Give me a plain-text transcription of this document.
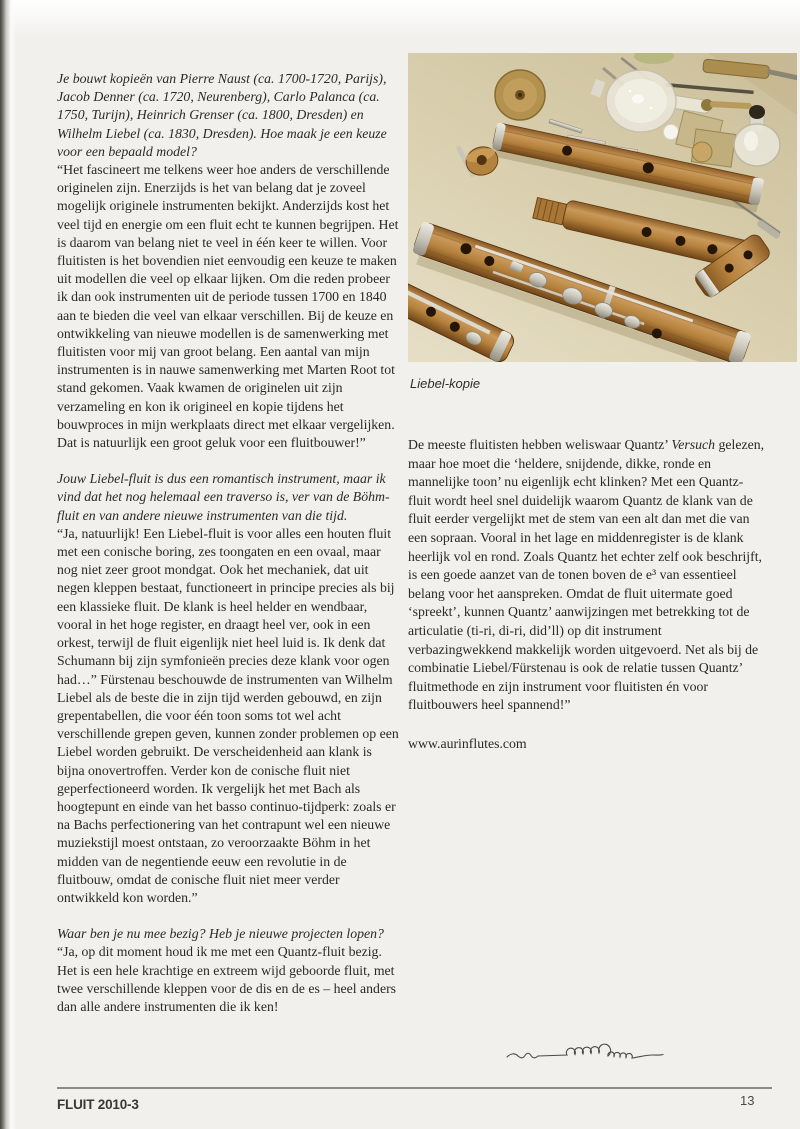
Je bouwt kopieën van Pierre Naust (ca. 1700-1720, Parijs), Jacob Denner (ca. 1720, Neurenberg), Carlo Palanca (ca. 1750, Turijn), Heinrich Grenser (ca. 1800, Dresden) en Wilhelm Liebel (ca. 1830, Dresden). Hoe maak je een keuze voor een bepaald model?

“Het fascineert me telkens weer hoe anders de verschillende originelen zijn. Enerzijds is het van belang dat je zoveel mogelijk originele instrumenten bekijkt. Anderzijds kost het veel tijd en energie om een fluit echt te kunnen begrijpen. Het is daarom van belang niet te veel in één keer te willen. Voor fluitisten is het bovendien niet eenvoudig een keuze te maken uit modellen die veel op elkaar lijken. Om die reden probeer ik dan ook instrumenten uit de periode tussen 1700 en 1840 aan te bieden die veel van elkaar verschillen. Bij de keuze en ontwikkeling van nieuwe modellen is de samenwerking met fluitisten voor mij van groot belang. Een aantal van mijn instrumenten is in nauwe samenwerking met Marten Root tot stand gekomen. Vaak kwamen de originelen uit zijn verzameling en kon ik origineel en kopie tijdens het bouwproces in mijn werkplaats direct met elkaar vergelijken. Dat is natuurlijk een groot geluk voor een fluitbouwer!”

Jouw Liebel-fluit is dus een romantisch instrument, maar ik vind dat het nog helemaal een traverso is, ver van de Böhm-fluit en van andere nieuwe instrumenten van die tijd.

“Ja, natuurlijk! Een Liebel-fluit is voor alles een houten fluit met een conische boring, zes toongaten en een ovaal, maar nog niet zeer groot mondgat. Ook het mechaniek, dat uit negen kleppen bestaat, functioneert in principe precies als bij een klassieke fluit. De klank is heel helder en wendbaar, vooral in het hoge register, en draagt heel ver, ook in een orkest, terwijl de fluit eigenlijk niet heel luid is. Ik denk dat Schumann bij zijn symfonieën precies deze klank voor ogen had…” Fürstenau beschouwde de instrumenten van Wilhelm Liebel als de beste die in zijn tijd werden gebouwd, en zijn grepentabellen, die voor één toon soms tot wel acht verschillende grepen geven, kunnen zonder problemen op een Liebel worden gebruikt. De verscheidenheid aan klank is bijna onovertroffen. Verder kon de conische fluit niet geperfectioneerd worden. Ik vergelijk het met Bach als hoogtepunt en einde van het basso continuo-tijdperk: zoals er na Bachs perfectionering van het contrapunt wel een nieuwe muziekstijl moest ontstaan, zo veroorzaakte Böhm in het midden van de negentiende eeuw een revolutie in de fluitbouw, omdat de conische fluit niet meer verder ontwikkeld kon worden.”

Waar ben je nu mee bezig? Heb je nieuwe projecten lopen?

“Ja, op dit moment houd ik me met een Quantz-fluit bezig. Het is een hele krachtige en extreem wijd geboorde fluit, met twee verschillende kleppen voor de dis en de es – heel anders dan alle andere instrumenten die ik ken!

Liebel-kopie

De meeste fluitisten hebben weliswaar Quantz’ Versuch gelezen, maar hoe moet die ‘heldere, snijdende, dikke, ronde en mannelijke toon’ nu eigenlijk echt klinken? Met een Quantz-fluit wordt heel snel duidelijk waarom Quantz de klank van de fluit eerder vergelijkt met de stem van een alt dan met die van een sopraan. Vooral in het lage en middenregister is de klank heerlijk vol en rond. Zoals Quantz het echter zelf ook beschrijft, is een goede aanzet van de tonen boven de e³ van essentieel belang voor het aanspreken. Omdat de fluit uitermate goed ‘spreekt’, kunnen Quantz’ aanwijzingen met betrekking tot de articulatie (ti-ri, di-ri, did’ll) op dit instrument verbazingwekkend makkelijk worden uitgevoerd. Net als bij de combinatie Liebel/Fürstenau is ook de relatie tussen Quantz’ fluitmethode en zijn instrument voor fluitisten én voor fluitbouwers heel spannend!”

www.aurinflutes.com

FLUIT 2010-3	13
